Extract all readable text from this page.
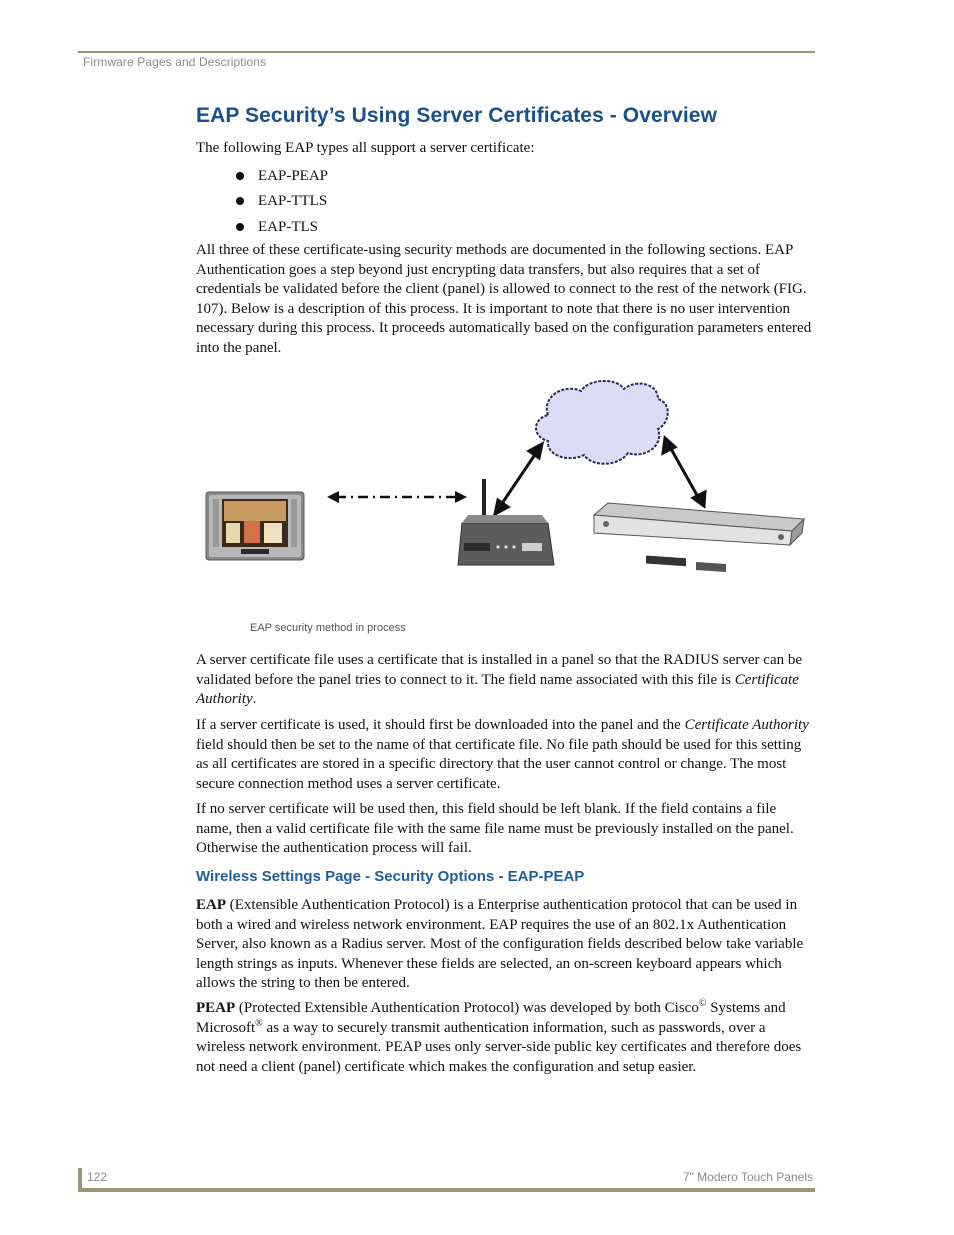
Firmware Pages and Descriptions
EAP Security’s Using Server Certificates - Overview

The following EAP types all support a server certificate:

EAP-PEAP
EAP-TTLS
EAP-TLS

All three of these certificate-using security methods are documented in the following sections. EAP Authentication goes a step beyond just encrypting data transfers, but also requires that a set of credentials be validated before the client (panel) is allowed to connect to the rest of the network (FIG. 107). Below is a description of this process. It is important to note that there is no user intervention necessary during this process. It proceeds automatically based on the configuration parameters entered into the panel.

EAP security method in process

A server certificate file uses a certificate that is installed in a panel so that the RADIUS server can be validated before the panel tries to connect to it. The field name associated with this file is Certificate Authority.

If a server certificate is used, it should first be downloaded into the panel and the Certificate Authority field should then be set to the name of that certificate file. No file path should be used for this setting as all certificates are stored in a specific directory that the user cannot control or change. The most secure connection method uses a server certificate.

If no server certificate will be used then, this field should be left blank. If the field contains a file name, then a valid certificate file with the same file name must be previously installed on the panel. Otherwise the authentication process will fail.

Wireless Settings Page - Security Options - EAP-PEAP

EAP (Extensible Authentication Protocol) is a Enterprise authentication protocol that can be used in both a wired and wireless network environment. EAP requires the use of an 802.1x Authentication Server, also known as a Radius server. Most of the configuration fields described below take variable length strings as inputs. Whenever these fields are selected, an on-screen keyboard appears which allows the string to then be entered.

PEAP (Protected Extensible Authentication Protocol) was developed by both Cisco© Systems and Microsoft® as a way to securely transmit authentication information, such as passwords, over a wireless network environment. PEAP uses only server-side public key certificates and therefore does not need a client (panel) certificate which makes the configuration and setup easier.

122	7" Modero Touch Panels
